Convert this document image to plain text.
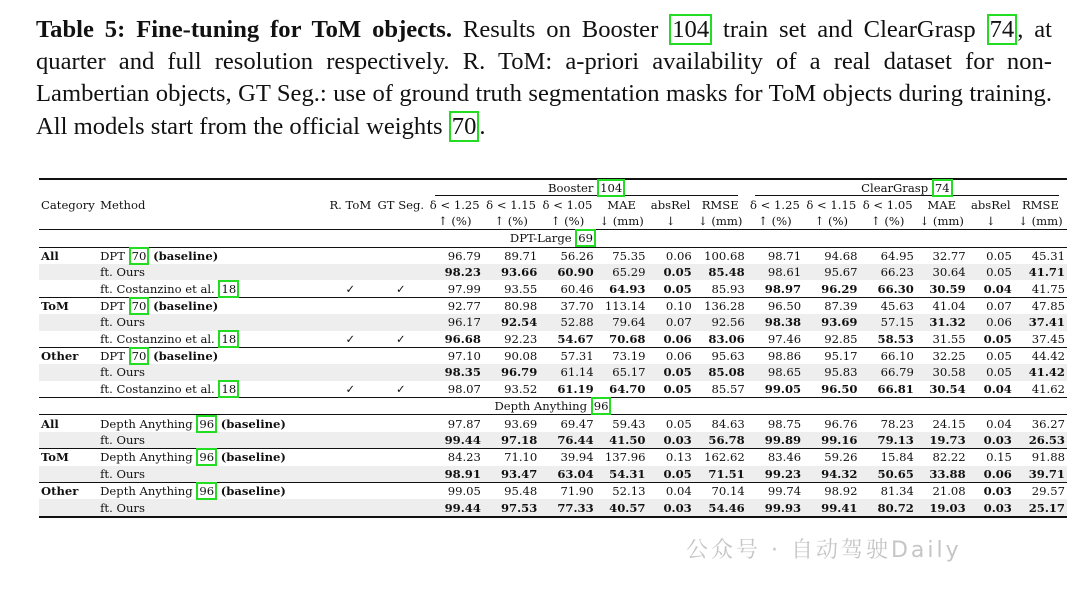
Table 5: Fine-tuning for ToM objects. Results on Booster 104 train set and ClearGrasp 74 , at quarter and full resolution respectively. R. ToM: a-priori availability of a real dataset for non-Lambertian objects, GT Seg.: use of ground truth segmentation masks for ToM objects during training. All models start from the official weights 70 .
				Booster 104						ClearGrasp 74					
Category	Method	R. ToM	GT Seg.	δ < 1.25	δ < 1.15	δ < 1.05	MAE	absRel	RMSE	δ < 1.25	δ < 1.15	δ < 1.05	MAE	absRel	RMSE
				↑ (%)	↑ (%)	↑ (%)	↓ (mm)	↓	↓ (mm)	↑ (%)	↑ (%)	↑ (%)	↓ (mm)	↓	↓ (mm)
DPT-Large 69															
All	DPT 70 (baseline)			96.79	89.71	56.26	75.35	0.06	100.68	98.71	94.68	64.95	32.77	0.05	45.31
	ft. Ours			98.23	93.66	60.90	65.29	0.05	85.48	98.61	95.67	66.23	30.64	0.05	41.71
	ft. Costanzino et al. 18	✓	✓	97.99	93.55	60.46	64.93	0.05	85.93	98.97	96.29	66.30	30.59	0.04	41.75
ToM	DPT 70 (baseline)			92.77	80.98	37.70	113.14	0.10	136.28	96.50	87.39	45.63	41.04	0.07	47.85
	ft. Ours			96.17	92.54	52.88	79.64	0.07	92.56	98.38	93.69	57.15	31.32	0.06	37.41
	ft. Costanzino et al. 18	✓	✓	96.68	92.23	54.67	70.68	0.06	83.06	97.46	92.85	58.53	31.55	0.05	37.45
Other	DPT 70 (baseline)			97.10	90.08	57.31	73.19	0.06	95.63	98.86	95.17	66.10	32.25	0.05	44.42
	ft. Ours			98.35	96.79	61.14	65.17	0.05	85.08	98.65	95.83	66.79	30.58	0.05	41.42
	ft. Costanzino et al. 18	✓	✓	98.07	93.52	61.19	64.70	0.05	85.57	99.05	96.50	66.81	30.54	0.04	41.62
Depth Anything 96															
All	Depth Anything 96 (baseline)			97.87	93.69	69.47	59.43	0.05	84.63	98.75	96.76	78.23	24.15	0.04	36.27
	ft. Ours			99.44	97.18	76.44	41.50	0.03	56.78	99.89	99.16	79.13	19.73	0.03	26.53
ToM	Depth Anything 96 (baseline)			84.23	71.10	39.94	137.96	0.13	162.62	83.46	59.26	15.84	82.22	0.15	91.88
	ft. Ours			98.91	93.47	63.04	54.31	0.05	71.51	99.23	94.32	50.65	33.88	0.06	39.71
Other	Depth Anything 96 (baseline)			99.05	95.48	71.90	52.13	0.04	70.14	99.74	98.92	81.34	21.08	0.03	29.57
	ft. Ours			99.44	97.53	77.33	40.57	0.03	54.46	99.93	99.41	80.72	19.03	0.03	25.17
公众号 · 自动驾驶Daily
